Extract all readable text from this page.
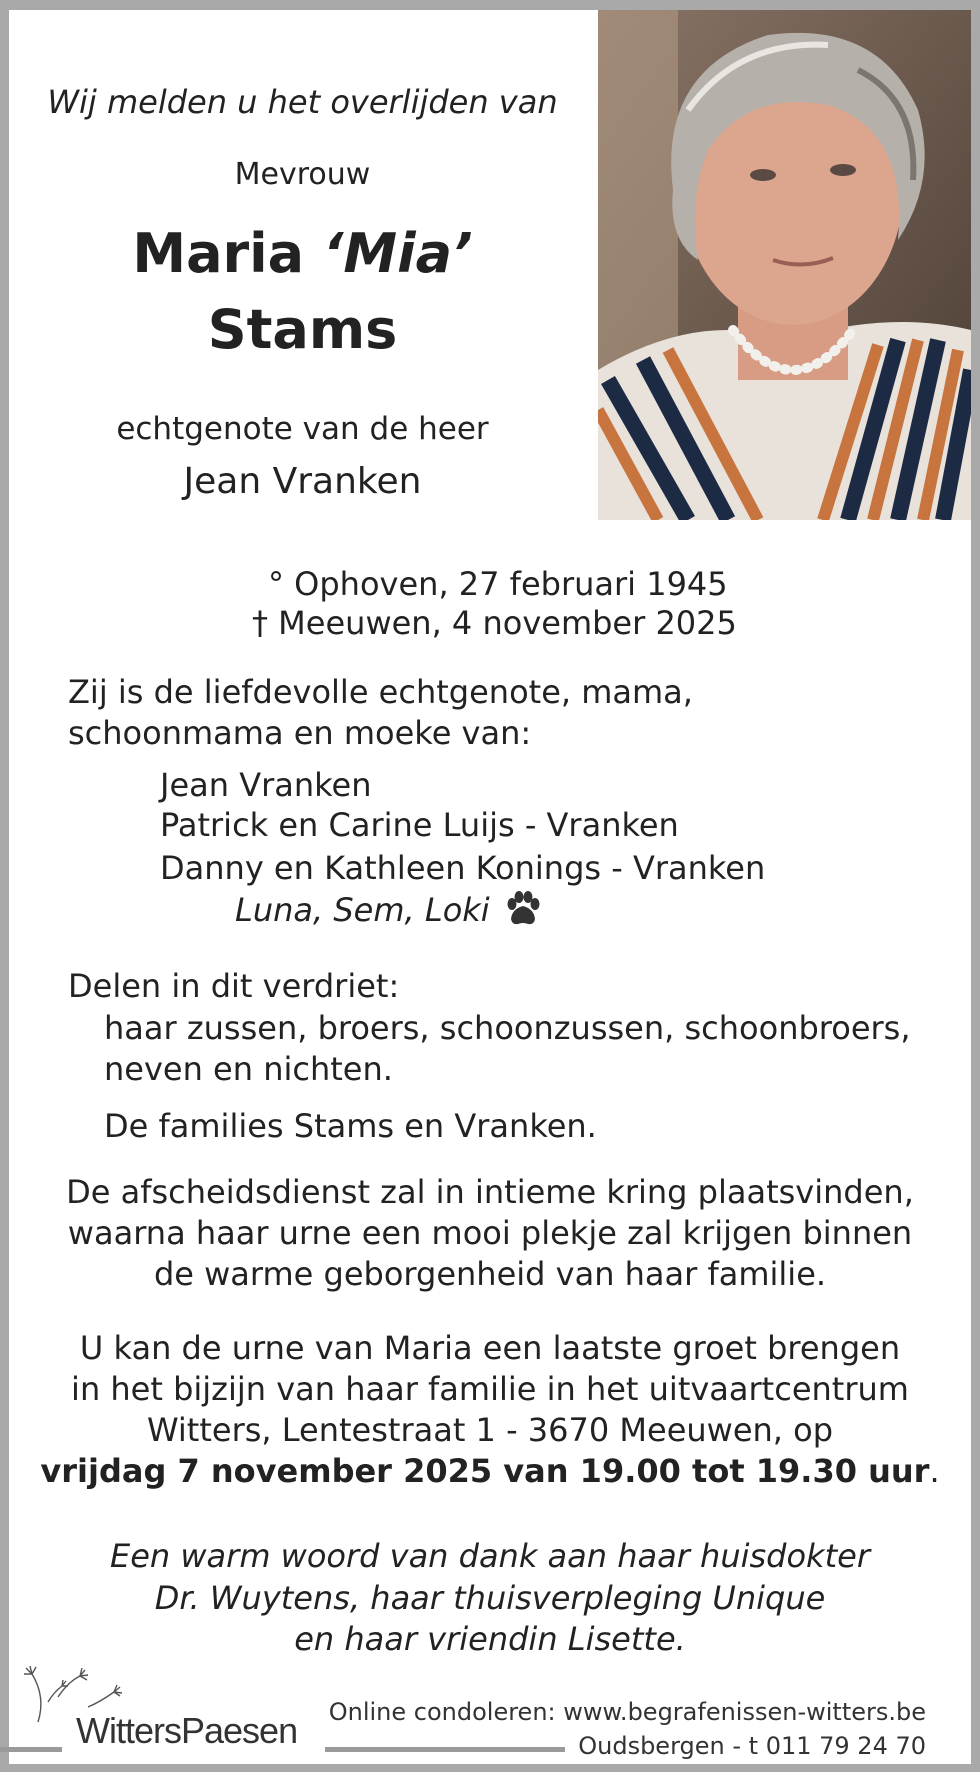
Wij melden u het overlijden van
Mevrouw
Maria ‘Mia’
Stams
echtgenote van de heer
Jean Vranken
° Ophoven, 27 februari 1945
† Meeuwen, 4 november 2025
Zij is de liefdevolle echtgenote, mama,
schoonmama en moeke van:
Jean Vranken
Patrick en Carine Luijs - Vranken
Danny en Kathleen Konings - Vranken
Luna, Sem, Loki
Delen in dit verdriet:
haar zussen, broers, schoonzussen, schoonbroers,
neven en nichten.
De families Stams en Vranken.
De afscheidsdienst zal in intieme kring plaatsvinden,
waarna haar urne een mooi plekje zal krijgen binnen
de warme geborgenheid van haar familie.
U kan de urne van Maria een laatste groet brengen
in het bijzijn van haar familie in het uitvaartcentrum
Witters, Lentestraat 1 - 3670 Meeuwen, op
vrijdag 7 november 2025 van 19.00 tot 19.30 uur.
Een warm woord van dank aan haar huisdokter
Dr. Wuytens, haar thuisverpleging Unique
en haar vriendin Lisette.
WittersPaesen Online condoleren: www.begrafenissen-witters.be
Oudsbergen - t 011 79 24 70
